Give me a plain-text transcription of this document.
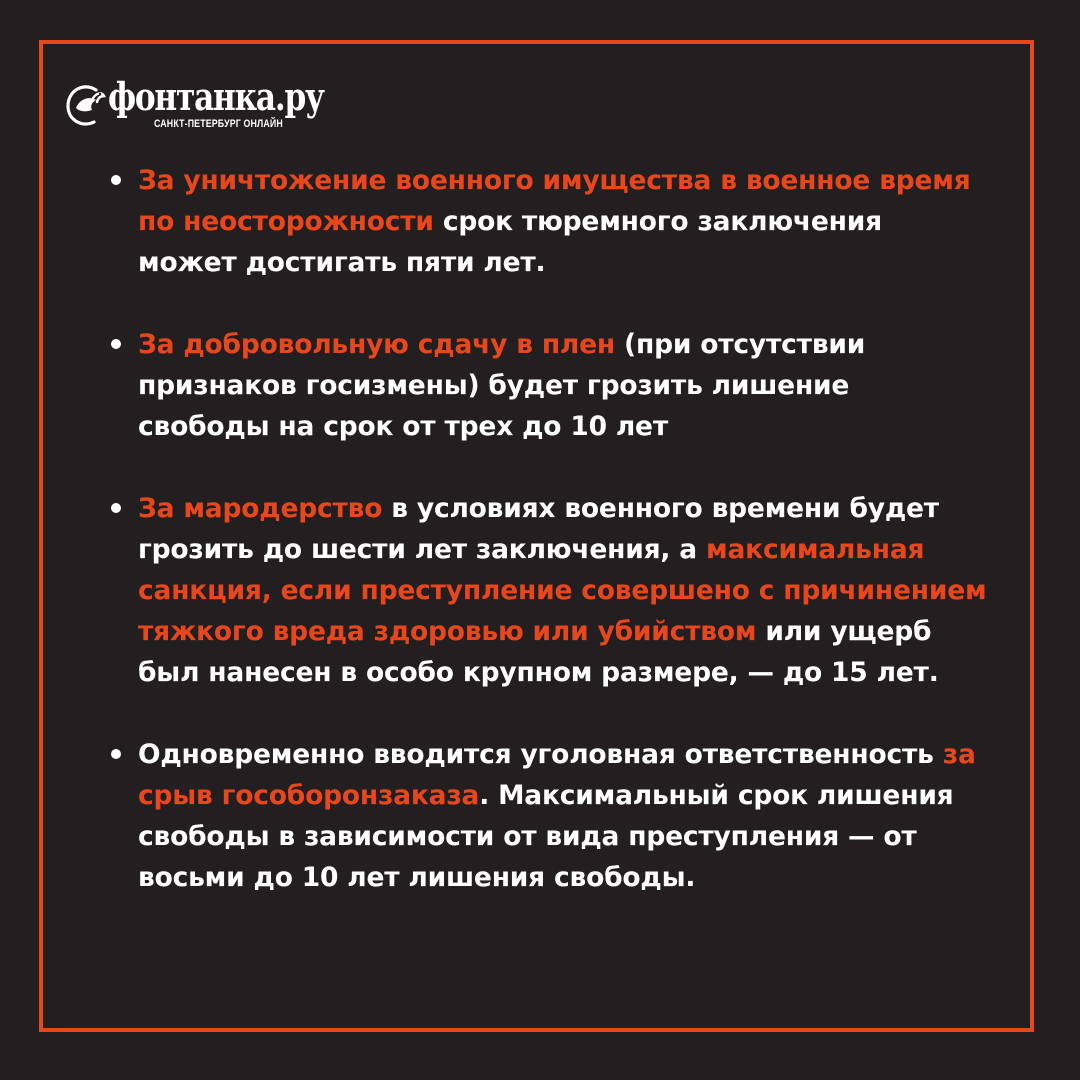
фонтанка.ру
САНКТ-ПЕТЕРБУРГ ОНЛАЙН
За уничтожение военного имущества в военное время по неосторожности срок тюремного заключения может достигать пяти лет.
За добровольную сдачу в плен (при отсутствии признаков госизмены) будет грозить лишение свободы на срок от трех до 10 лет
За мародерство в условиях военного времени будет грозить до шести лет заключения, а максимальная санкция, если преступление совершено с причинением тяжкого вреда здоровью или убийством или ущерб был нанесен в особо крупном размере, — до 15 лет.
Одновременно вводится уголовная ответственность за срыв гособоронзаказа. Максимальный срок лишения свободы в зависимости от вида преступления — от восьми до 10 лет лишения свободы.
